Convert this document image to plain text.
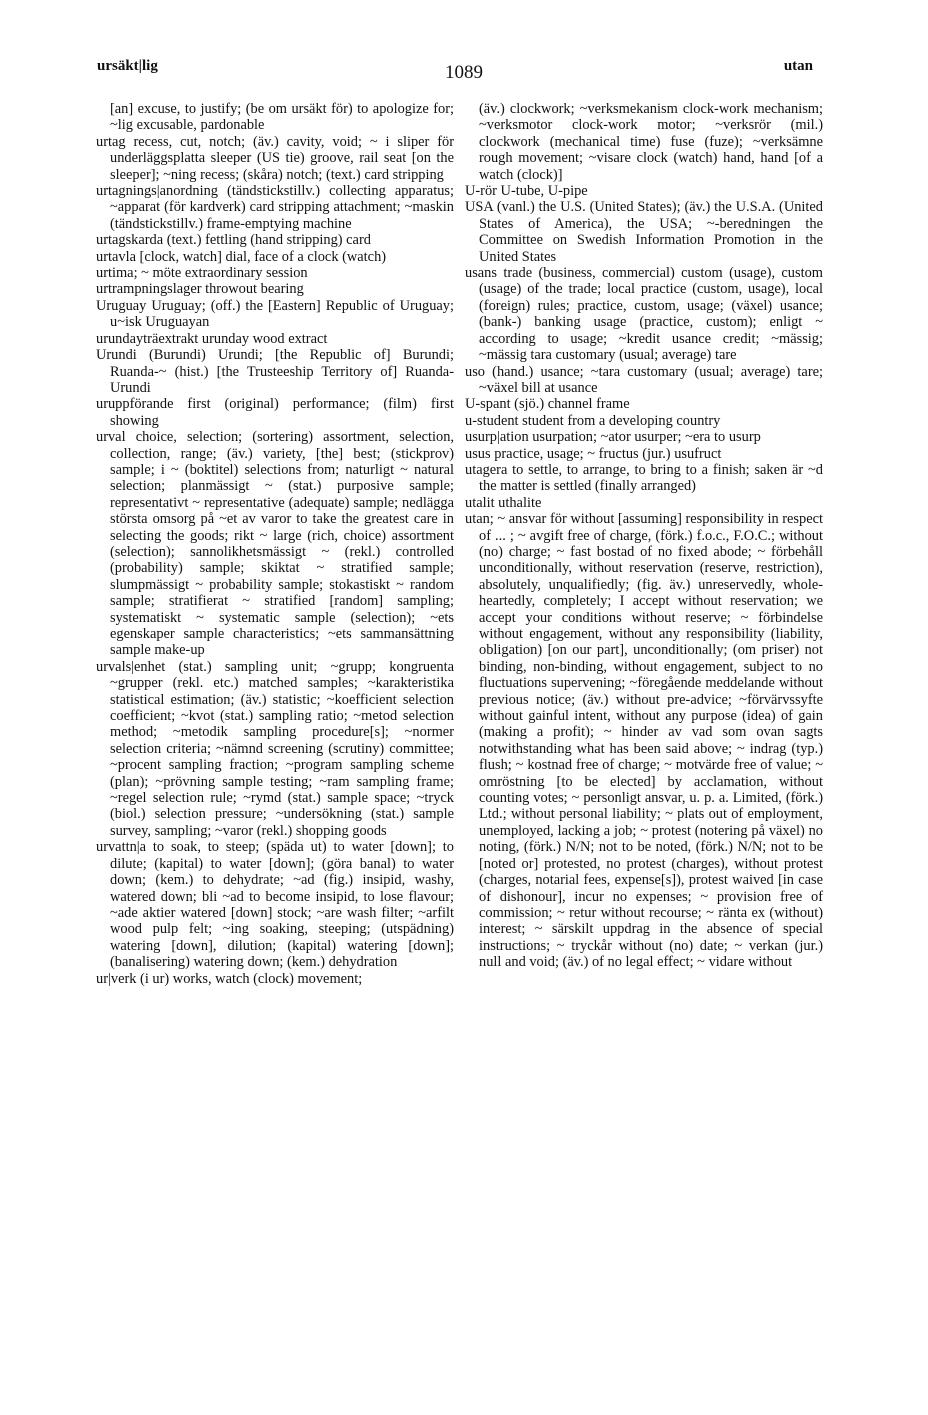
ursäkt|lig	1089	utan

[an] excuse, to justify; (be om ursäkt för) to apologize for; ~lig excusable, pardonable

urtag recess, cut, notch; (äv.) cavity, void; ~ i sliper för underläggsplatta sleeper (US tie) groove, rail seat [on the sleeper]; ~ning recess; (skåra) notch; (text.) card stripping

urtagnings|anordning (tändstickstillv.) collecting apparatus; ~apparat (för kardverk) card stripping attachment; ~maskin (tändstickstillv.) frame-emptying machine

urtagskarda (text.) fettling (hand stripping) card

urtavla [clock, watch] dial, face of a clock (watch)

urtima; ~ möte extraordinary session

urtrampningslager throwout bearing

Uruguay Uruguay; (off.) the [Eastern] Republic of Uruguay; u~isk Uruguayan

urundayträextrakt urunday wood extract

Urundi (Burundi) Urundi; [the Republic of] Burundi; Ruanda-~ (hist.) [the Trusteeship Territory of] Ruanda-Urundi

uruppförande first (original) performance; (film) first showing

urval choice, selection; (sortering) assortment, selection, collection, range; (äv.) variety, [the] best; (stickprov) sample; i ~ (boktitel) selections from; naturligt ~ natural selection; planmässigt ~ (stat.) purposive sample; representativt ~ representative (adequate) sample; nedlägga största omsorg på ~et av varor to take the greatest care in selecting the goods; rikt ~ large (rich, choice) assortment (selection); sannolikhetsmässigt ~ (rekl.) controlled (probability) sample; skiktat ~ stratified sample; slumpmässigt ~ probability sample; stokastiskt ~ random sample; stratifierat ~ stratified [random] sampling; systematiskt ~ systematic sample (selection); ~ets egenskaper sample characteristics; ~ets sammansättning sample make-up

urvals|enhet (stat.) sampling unit; ~grupp; kongruenta ~grupper (rekl. etc.) matched samples; ~karakteristika statistical estimation; (äv.) statistic; ~koefficient selection coefficient; ~kvot (stat.) sampling ratio; ~metod selection method; ~metodik sampling procedure[s]; ~normer selection criteria; ~nämnd screening (scrutiny) committee; ~procent sampling fraction; ~program sampling scheme (plan); ~prövning sample testing; ~ram sampling frame; ~regel selection rule; ~rymd (stat.) sample space; ~tryck (biol.) selection pressure; ~undersökning (stat.) sample survey, sampling; ~varor (rekl.) shopping goods

urvattn|a to soak, to steep; (späda ut) to water [down]; to dilute; (kapital) to water [down]; (göra banal) to water down; (kem.) to dehydrate; ~ad (fig.) insipid, washy, watered down; bli ~ad to become insipid, to lose flavour; ~ade aktier watered [down] stock; ~are wash filter; ~arfilt wood pulp felt; ~ing soaking, steeping; (utspädning) watering [down], dilution; (kapital) watering [down]; (banalisering) watering down; (kem.) dehydration

ur|verk (i ur) works, watch (clock) movement;

(äv.) clockwork; ~verksmekanism clock-work mechanism; ~verksmotor clock-work motor; ~verksrör (mil.) clockwork (mechanical time) fuse (fuze); ~verksämne rough movement; ~visare clock (watch) hand, hand [of a watch (clock)]

U-rör U-tube, U-pipe

USA (vanl.) the U.S. (United States); (äv.) the U.S.A. (United States of America), the USA; ~-beredningen the Committee on Swedish Information Promotion in the United States

usans trade (business, commercial) custom (usage), custom (usage) of the trade; local practice (custom, usage), local (foreign) rules; practice, custom, usage; (växel) usance; (bank-) banking usage (practice, custom); enligt ~ according to usage; ~kredit usance credit; ~mässig; ~mässig tara customary (usual; average) tare

uso (hand.) usance; ~tara customary (usual; average) tare; ~växel bill at usance

U-spant (sjö.) channel frame

u-student student from a developing country

usurp|ation usurpation; ~ator usurper; ~era to usurp

usus practice, usage; ~ fructus (jur.) usufruct

utagera to settle, to arrange, to bring to a finish; saken är ~d the matter is settled (finally arranged)

utalit uthalite

utan; ~ ansvar för without [assuming] responsibility in respect of ... ; ~ avgift free of charge, (förk.) f.o.c., F.O.C.; without (no) charge; ~ fast bostad of no fixed abode; ~ förbehåll unconditionally, without reservation (reserve, restriction), absolutely, unqualifiedly; (fig. äv.) unreservedly, whole-heartedly, completely; I accept without reservation; we accept your conditions without reserve; ~ förbindelse without engagement, without any responsibility (liability, obligation) [on our part], unconditionally; (om priser) not binding, non-binding, without engagement, subject to no fluctuations supervening; ~föregående meddelande without previous notice; (äv.) without pre-advice; ~förvärvssyfte without gainful intent, without any purpose (idea) of gain (making a profit); ~ hinder av vad som ovan sagts notwithstanding what has been said above; ~ indrag (typ.) flush; ~ kostnad free of charge; ~ motvärde free of value; ~ omröstning [to be elected] by acclamation, without counting votes; ~ personligt ansvar, u. p. a. Limited, (förk.) Ltd.; without personal liability; ~ plats out of employment, unemployed, lacking a job; ~ protest (notering på växel) no noting, (förk.) N/N; not to be noted, (förk.) N/N; not to be [noted or] protested, no protest (charges), without protest (charges, notarial fees, expense[s]), protest waived [in case of dishonour], incur no expenses; ~ provision free of commission; ~ retur without recourse; ~ ränta ex (without) interest; ~ särskilt uppdrag in the absence of special instructions; ~ tryckår without (no) date; ~ verkan (jur.) null and void; (äv.) of no legal effect; ~ vidare without
